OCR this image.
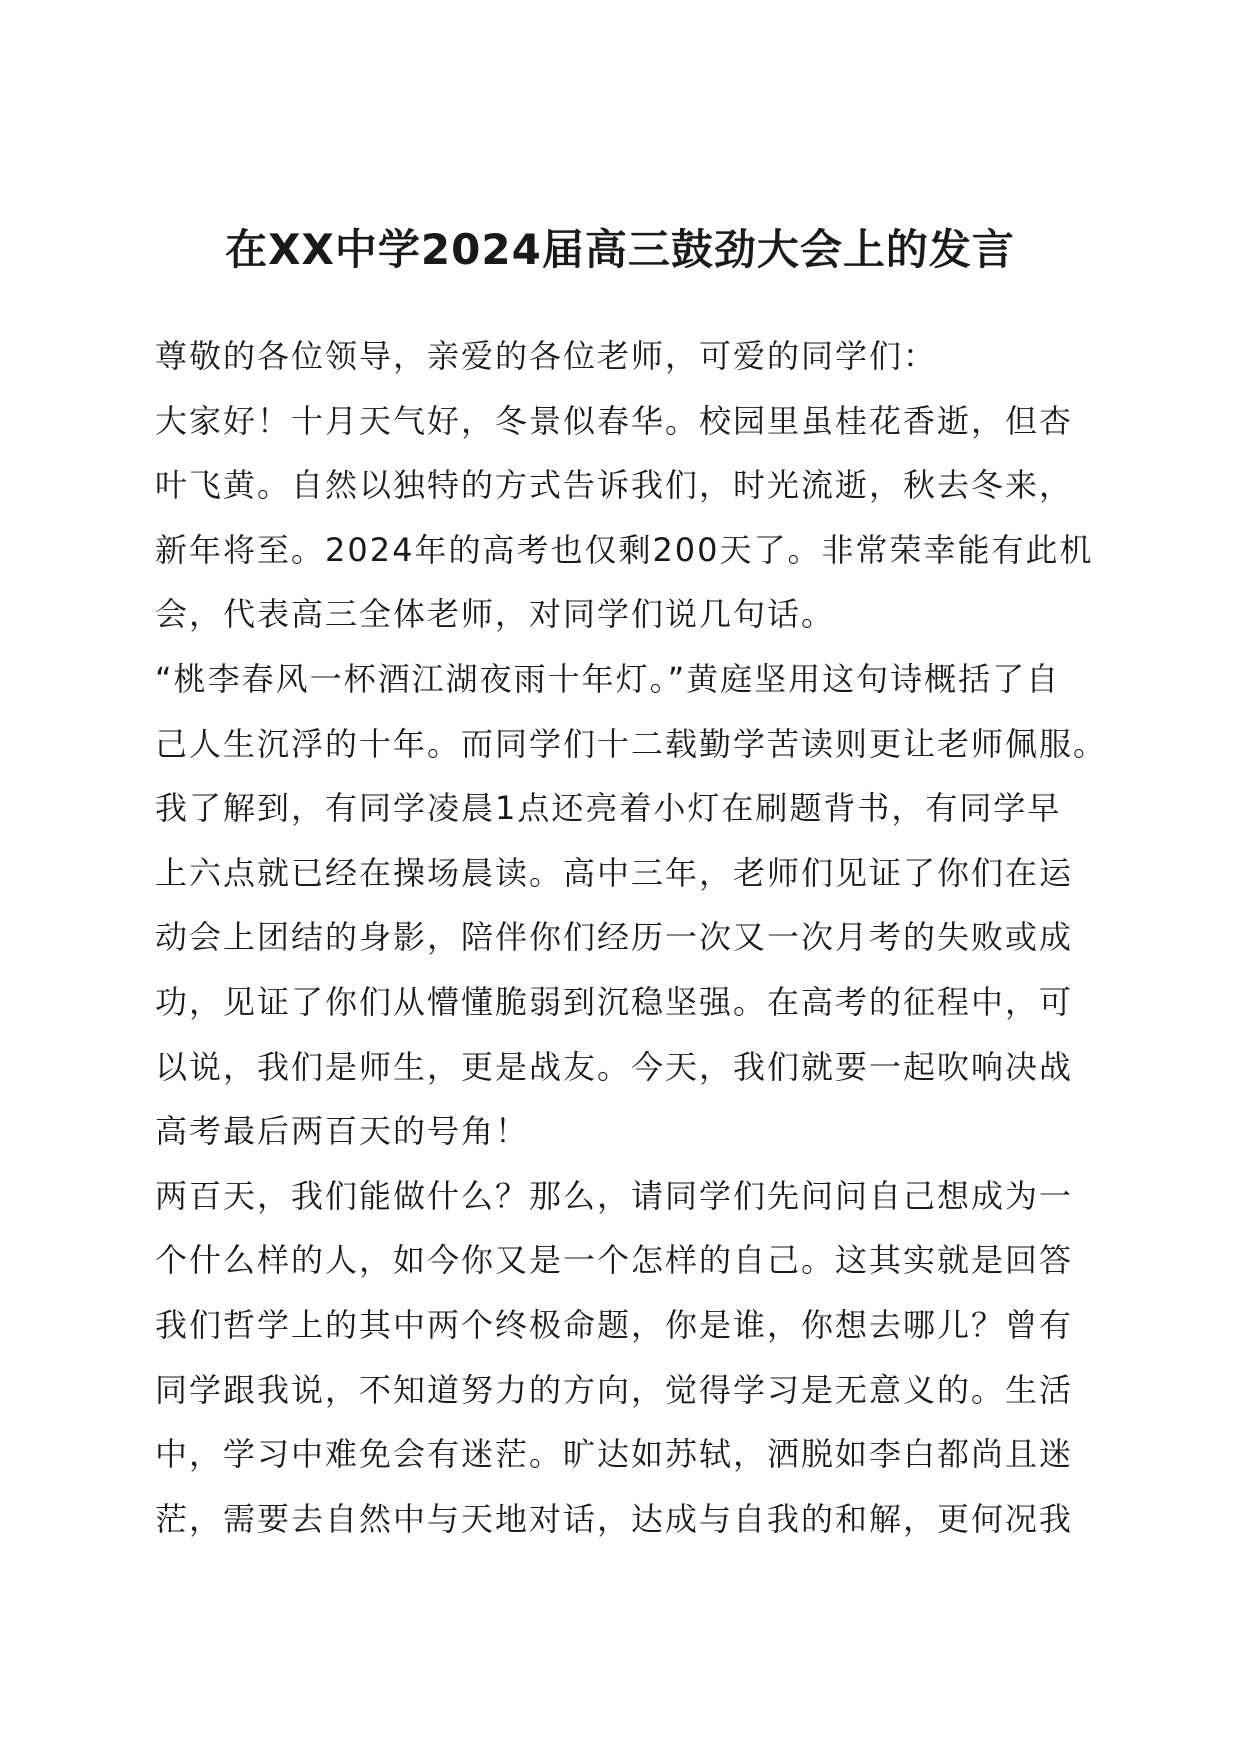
在XX中学2024届高三鼓劲大会上的发言
尊敬的各位领导，亲爱的各位老师，可爱的同学们：
大家好！十月天气好，冬景似春华。校园里虽桂花香逝，但杏
叶飞黄。自然以独特的方式告诉我们，时光流逝，秋去冬来，
新年将至。2024年的高考也仅剩200天了。非常荣幸能有此机
会，代表高三全体老师，对同学们说几句话。
“桃李春风一杯酒江湖夜雨十年灯。”黄庭坚用这句诗概括了自
己人生沉浮的十年。而同学们十二载勤学苦读则更让老师佩服。
我了解到，有同学凌晨1点还亮着小灯在刷题背书，有同学早
上六点就已经在操场晨读。高中三年，老师们见证了你们在运
动会上团结的身影，陪伴你们经历一次又一次月考的失败或成
功，见证了你们从懵懂脆弱到沉稳坚强。在高考的征程中，可
以说，我们是师生，更是战友。今天，我们就要一起吹响决战
高考最后两百天的号角！
两百天，我们能做什么？那么，请同学们先问问自己想成为一
个什么样的人，如今你又是一个怎样的自己。这其实就是回答
我们哲学上的其中两个终极命题，你是谁，你想去哪儿？曾有
同学跟我说，不知道努力的方向，觉得学习是无意义的。生活
中，学习中难免会有迷茫。旷达如苏轼，洒脱如李白都尚且迷
茫，需要去自然中与天地对话，达成与自我的和解，更何况我
